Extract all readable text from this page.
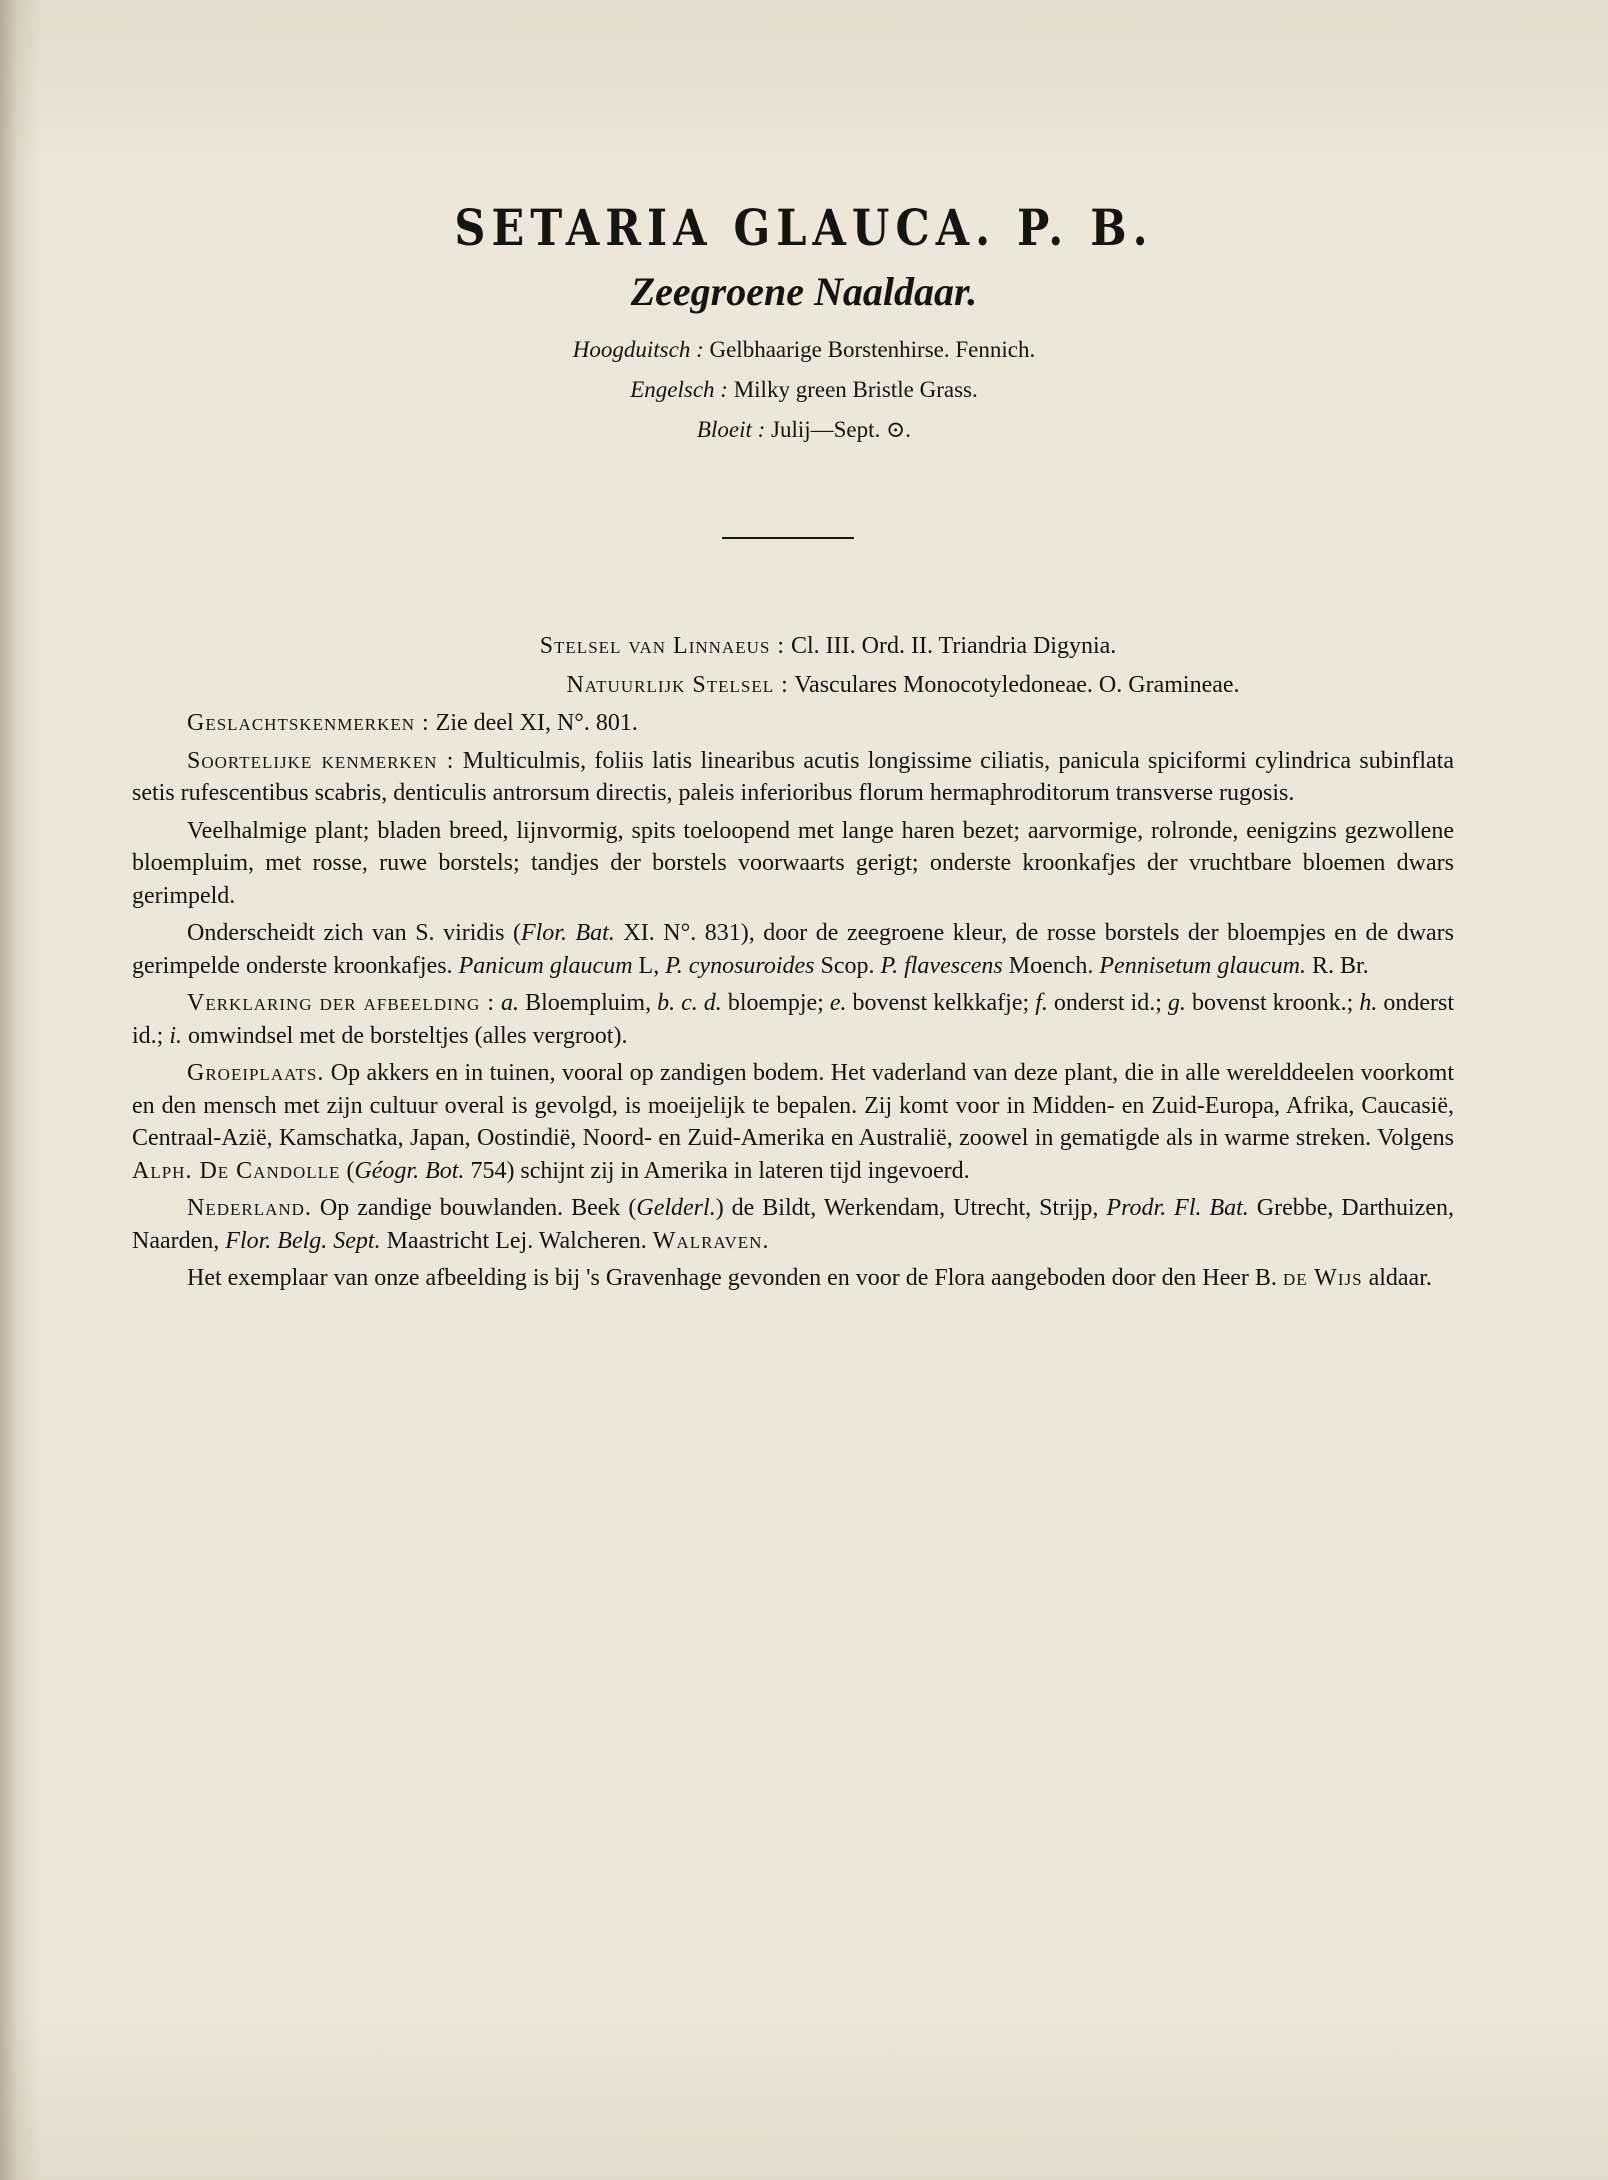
SETARIA GLAUCA. P. B.
Zeegroene Naaldaar.
Hoogduitsch : Gelbhaarige Borstenhirse. Fennich.
Engelsch : Milky green Bristle Grass.
Bloeit : Julij—Sept. ⊙.

Stelsel van Linnaeus : Cl. III. Ord. II. Triandria Digynia.

Natuurlijk Stelsel : Vasculares Monocotyledoneae. O. Gramineae.

Geslachtskenmerken : Zie deel XI, N°. 801.

Soortelijke kenmerken : Multiculmis, foliis latis linearibus acutis longissime ciliatis, panicula spiciformi cylindrica subinflata setis rufescentibus scabris, denticulis antrorsum directis, paleis inferioribus florum hermaphroditorum transverse rugosis.

Veelhalmige plant; bladen breed, lijnvormig, spits toeloopend met lange haren bezet; aarvormige, rolronde, eenigzins gezwollene bloempluim, met rosse, ruwe borstels; tandjes der borstels voorwaarts gerigt; onderste kroonkafjes der vruchtbare bloemen dwars gerimpeld.

Onderscheidt zich van S. viridis (Flor. Bat. XI. N°. 831), door de zeegroene kleur, de rosse borstels der bloempjes en de dwars gerimpelde onderste kroonkafjes. Panicum glaucum L, P. cynosuroides Scop. P. flavescens Moench. Pennisetum glaucum. R. Br.

Verklaring der afbeelding : a. Bloempluim, b. c. d. bloempje; e. bovenst kelkkafje; f. onderst id.; g. bovenst kroonk.; h. onderst id.; i. omwindsel met de borsteltjes (alles vergroot).

Groeiplaats. Op akkers en in tuinen, vooral op zandigen bodem. Het vaderland van deze plant, die in alle werelddeelen voorkomt en den mensch met zijn cultuur overal is gevolgd, is moeijelijk te bepalen. Zij komt voor in Midden- en Zuid-Europa, Afrika, Caucasië, Centraal-Azië, Kamschatka, Japan, Oostindië, Noord- en Zuid-Amerika en Australië, zoowel in gematigde als in warme streken. Volgens Alph. De Candolle (Géogr. Bot. 754) schijnt zij in Amerika in lateren tijd ingevoerd.

Nederland. Op zandige bouwlanden. Beek (Gelderl.) de Bildt, Werkendam, Utrecht, Strijp, Prodr. Fl. Bat. Grebbe, Darthuizen, Naarden, Flor. Belg. Sept. Maastricht Lej. Walcheren. Walraven.

Het exemplaar van onze afbeelding is bij 's Gravenhage gevonden en voor de Flora aangeboden door den Heer B. de Wijs aldaar.
